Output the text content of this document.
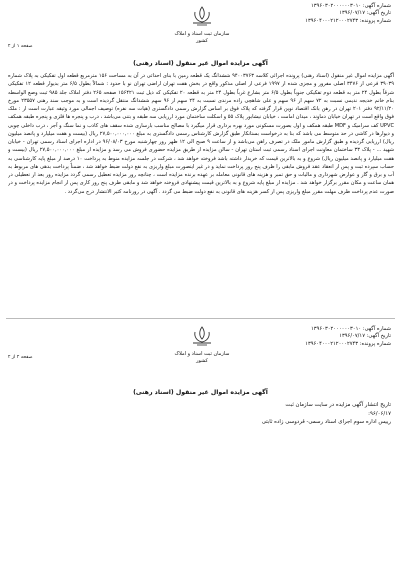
شماره آگهی: ۱۳۹۶۰۳۰۲۰۰۰۰۰۰۳۰۱۰
تاریخ آگهی: ۱۳۹۶/۰۷/۱۷
شماره پرونده: ۱۳۹۶۰۴۰۰۰۲۱۲۰۰۰۲۷۴۳
سازمان ثبت اسناد و املاک کشور
صفحه ۱ از ۲
آگهی مزایده اموال غیر منقول (اسناد رهنی)
آگهی مزایده اموال غیر منقول (اسناد رهنی) پرونده اجرائی کلاسه ۹۴۰۰۳۷۶۳ ششدانگ یک قطعه زمین با بنای احداثی در آن به مساحت ۱۵۶ مترمربع قطعه اول تفکیکی به پلاک شماره ۳۹۰۳۹ فرعی از ۳۴۷۶ اصلی مفروز و مجزی شده از ۱۹۹۷ فرعی از اصلی مذکور واقع در بخش هفت تهران اراضی تهران نو با حدود : شمالاً بطول ۶/۵ متر بدیوار قطعه ۱۲ تفکیکی شرقاً بطول ۲۴ متر به قطعه دوم تفکیکی جنوباً بطول ۶/۵ متر بشارع غرباً بطول ۲۴ متر به قطعه ۲۰ تفکیکی که ذیل ثبت ۱۵۶۴۲۱ صفحه ۲۶۵ دفتر املاک جلد ۹۸۵ ثبت وصع الواسطه بنام خانم خدیجه ندیمی نسبت به ۷۲ سهم از ۹۶ سهم و علی شاهچی زاده مرندی نسبت به ۲۴ سهم از ۹۶ سهم ششدانگ منتقل گردیده است و به موجب سند رهنی ۲۳۵۵۷ مورخ ۹۲/۱۱/۲۰ دفتر ۲۰۱ تهران در رهن بانک اقتصاد نوین قرار گرفته که پلاک فوق بر اساس گزارش رسمی دادگستری (هیات سه نفره) توصیف اجمالی مورد وثیقه عبارت است از : ملک فوق واقع است در تهران خیابان دماوند ، میدان امامت ، خیابان نیشابور پلاک ۵۵ و اسکلت ساختمان مورد ارزیابی سه طبقه و بتنی می‌باشد ، درب و پنجره ها فلزی و پنجره طبقه همکف UPVC کف سرامیک و MDF طبقه همکف و اول بصورت مسکونی مورد بهره برداری قرار میگیرد با مصالح مناسب بازسازی شده سقف های کاذب و نما سنگ و آجر ، درب داخلی چوبی و دیوارها در کاشی در حد متوسط می باشد که بنا به درخواست بستانکار طبق گزارش کارشناس رسمی دادگستری به مبلغ ۲۷,۵۰۰,۰۰۰,۰۰۰ ریال (بیست و هفت میلیارد و پانصد میلیون ریال) ارزیابی گردیده و طبق گزارش مامور ملک در تصرف راهن می‌باشد و از ساعت ۹ صبح الی ۱۲ ظهر روز چهارشنبه مورخ ۹۶/۰۸/۰۳ در اداره اجرای اسناد رسمی تهران - خیابان شهید ... - پلاک ۳۳ ساختمان معاونت اجرای اسناد رسمی ثبت استان تهران - سالن مزایده از طریق مزایده حضوری فروش می رسد و مزایده از مبلغ ۲۷,۵۰۰,۰۰۰,۰۰۰ ریال (بیست و هفت میلیارد و پانصد میلیون ریال) شروع و به بالاترین قیمت که خریدار داشته باشد فروخته خواهد شد ، شرکت در جلسه مزایده منوط به پرداخت ۱۰ درصد از مبلغ پایه کارشناسی به حساب سپرده ثبت و پس از انعقاد عقد فروش مابقی را ظرف پنج روز پرداخت نماید و در غیر اینصورت مبلغ واریزی به نفع دولت ضبط خواهد شد ، ضمناً پرداخت بدهی های مربوط به آب و برق و گاز و عوارض شهرداری و مالیات و حق تمبر و هزینه های قانونی معامله بر عهده برنده مزایده است ، چنانچه روز مزایده تعطیل رسمی گردد مزایده روز بعد از تعطیلی در همان ساعت و مکان مقرر برگزار خواهد شد . مزایده از مبلغ پایه شروع و به بالاترین قیمت پیشنهادی فروخته خواهد شد و مابقی ظرف پنج روز کاری پس از انجام مزایده پرداخت و در صورت عدم پرداخت ظرف مهلت مقرر مبلغ واریزی پس از کسر هزینه های قانونی به نفع دولت ضبط می گردد . آگهی در روزنامه کثیر الانتشار درج می‌گردد .
شماره آگهی: ۱۳۹۶۰۳۰۲۰۰۰۰۰۰۳۰۱۰
تاریخ آگهی: ۱۳۹۶/۰۷/۱۷
شماره پرونده: ۱۳۹۶۰۴۰۰۰۲۱۲۰۰۰۲۷۴۳
سازمان ثبت اسناد و املاک کشور
صفحه ۲ از ۲
آگهی مزایده اموال غیر منقول (اسناد رهنی)
تاریخ انتشار آگهی مزایده در سایت سازمان ثبت
۹۶/۰۶/۱۷:
رییس اداره سوم اجرای اسناد رسمی- قردوسی زاده ثابتی
